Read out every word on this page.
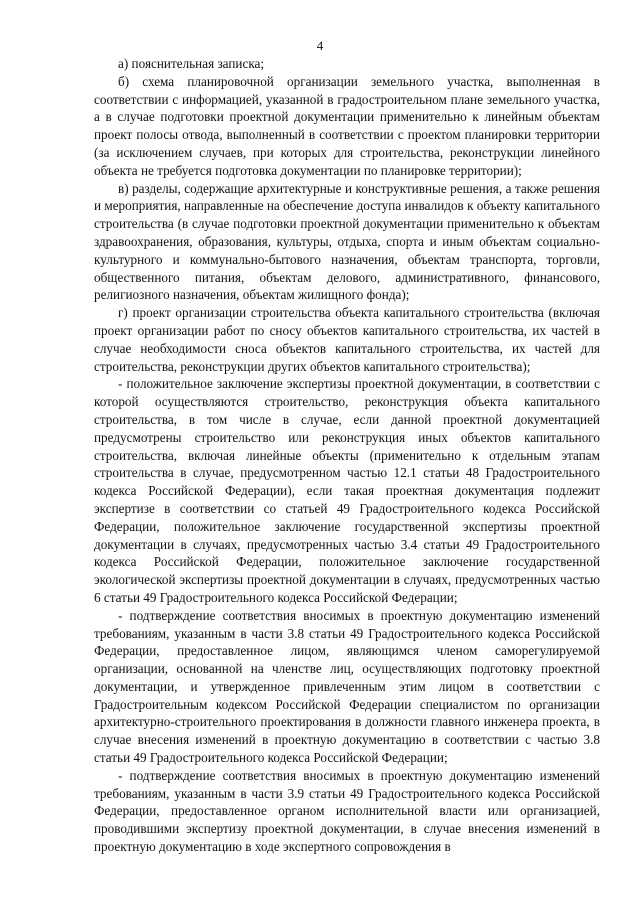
4

а) пояснительная записка;

б) схема планировочной организации земельного участка, выполненная в соответствии с информацией, указанной в градостроительном плане земельного участка, а в случае подготовки проектной документации применительно к линейным объектам проект полосы отвода, выполненный в соответствии с проектом планировки территории (за исключением случаев, при которых для строительства, реконструкции линейного объекта не требуется подготовка документации по планировке территории);

в) разделы, содержащие архитектурные и конструктивные решения, а также решения и мероприятия, направленные на обеспечение доступа инвалидов к объекту капитального строительства (в случае подготовки проектной документации применительно к объектам здравоохранения, образования, культуры, отдыха, спорта и иным объектам социально-культурного и коммунально-бытового назначения, объектам транспорта, торговли, общественного питания, объектам делового, административного, финансового, религиозного назначения, объектам жилищного фонда);

г) проект организации строительства объекта капитального строительства (включая проект организации работ по сносу объектов капитального строительства, их частей в случае необходимости сноса объектов капитального строительства, их частей для строительства, реконструкции других объектов капитального строительства);

- положительное заключение экспертизы проектной документации, в соответствии с которой осуществляются строительство, реконструкция объекта капитального строительства, в том числе в случае, если данной проектной документацией предусмотрены строительство или реконструкция иных объектов капитального строительства, включая линейные объекты (применительно к отдельным этапам строительства в случае, предусмотренном частью 12.1 статьи 48 Градостроительного кодекса Российской Федерации), если такая проектная документация подлежит экспертизе в соответствии со статьей 49 Градостроительного кодекса Российской Федерации, положительное заключение государственной экспертизы проектной документации в случаях, предусмотренных частью 3.4 статьи 49 Градостроительного кодекса Российской Федерации, положительное заключение государственной экологической экспертизы проектной документации в случаях, предусмотренных частью 6 статьи 49 Градостроительного кодекса Российской Федерации;

- подтверждение соответствия вносимых в проектную документацию изменений требованиям, указанным в части 3.8 статьи 49 Градостроительного кодекса Российской Федерации, предоставленное лицом, являющимся членом саморегулируемой организации, основанной на членстве лиц, осуществляющих подготовку проектной документации, и утвержденное привлеченным этим лицом в соответствии с Градостроительным кодексом Российской Федерации специалистом по организации архитектурно-строительного проектирования в должности главного инженера проекта, в случае внесения изменений в проектную документацию в соответствии с частью 3.8 статьи 49 Градостроительного кодекса Российской Федерации;

- подтверждение соответствия вносимых в проектную документацию изменений требованиям, указанным в части 3.9 статьи 49 Градостроительного кодекса Российской Федерации, предоставленное органом исполнительной власти или организацией, проводившими экспертизу проектной документации, в случае внесения изменений в проектную документацию в ходе экспертного сопровождения в
